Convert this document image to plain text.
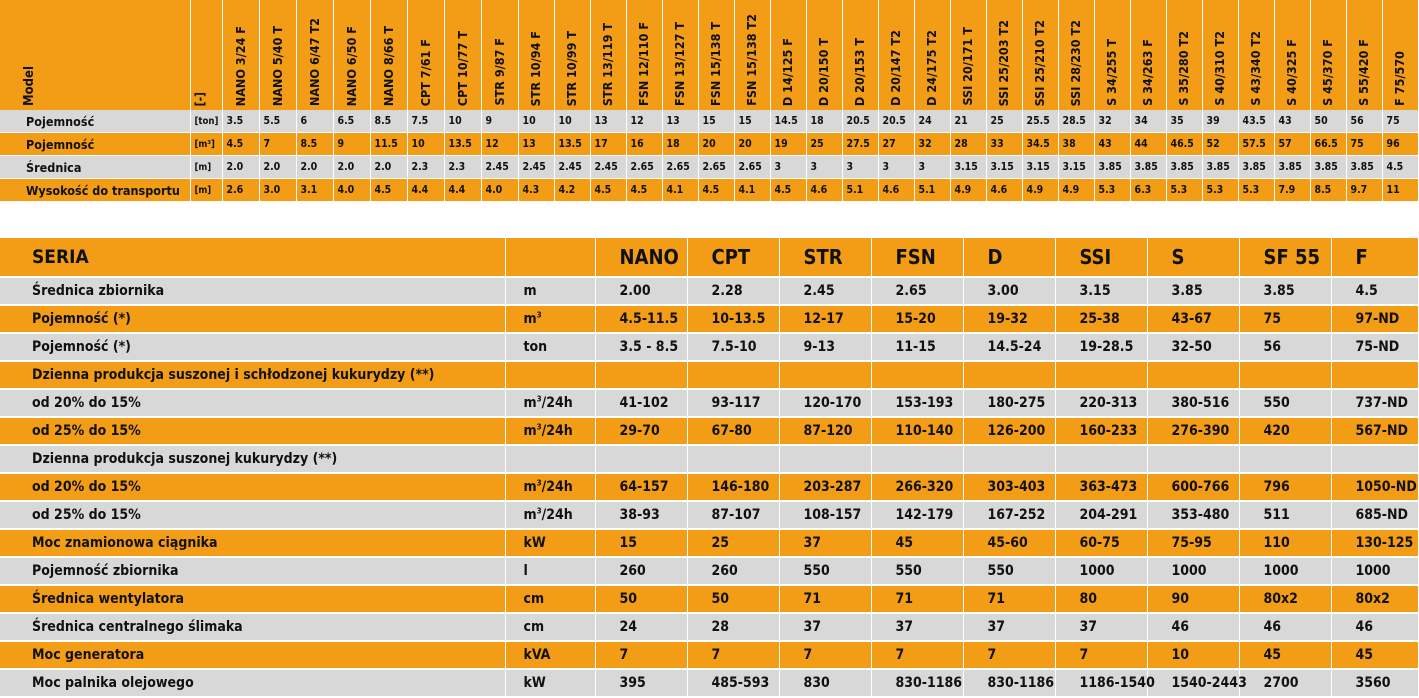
Model	[-]	NANO 3/24 F	NANO 5/40 T	NANO 6/47 T2	NANO 6/50 F	NANO 8/66 T	CPT 7/61 F	CPT 10/77 T	STR 9/87 F	STR 10/94 F	STR 10/99 T	STR 13/119 T	FSN 12/110 F	FSN 13/127 T	FSN 15/138 T	FSN 15/138 T2	D 14/125 F	D 20/150 T	D 20/153 T	D 20/147 T2	D 24/175 T2	SSI 20/171 T	SSI 25/203 T2	SSI 25/210 T2	SSI 28/230 T2	S 34/255 T	S 34/263 F	S 35/280 T2	S 40/310 T2	S 43/340 T2	S 40/325 F	S 45/370 F	S 55/420 F	F 75/570

Pojemność	[ton]	3.5	5.5	6	6.5	8.5	7.5	10	9	10	10	13	12	13	15	15	14.5	18	20.5	20.5	24	21	25	25.5	28.5	32	34	35	39	43.5	43	50	56	75
Pojemność	[m³]	4.5	7	8.5	9	11.5	10	13.5	12	13	13.5	17	16	18	20	20	19	25	27.5	27	32	28	33	34.5	38	43	44	46.5	52	57.5	57	66.5	75	96
Średnica	[m]	2.0	2.0	2.0	2.0	2.0	2.3	2.3	2.45	2.45	2.45	2.45	2.65	2.65	2.65	2.65	3	3	3	3	3	3.15	3.15	3.15	3.15	3.85	3.85	3.85	3.85	3.85	3.85	3.85	3.85	4.5
Wysokość do transportu	[m]	2.6	3.0	3.1	4.0	4.5	4.4	4.4	4.0	4.3	4.2	4.5	4.5	4.1	4.5	4.1	4.5	4.6	5.1	4.6	5.1	4.9	4.6	4.9	4.9	5.3	6.3	5.3	5.3	5.3	7.9	8.5	9.7	11
SERIA		NANO	CPT	STR	FSN	D	SSI	S	SF 55	F
Średnica zbiornika	m	2.00	2.28	2.45	2.65	3.00	3.15	3.85	3.85	4.5
Pojemność (*)	$m^3$	4.5-11.5	10-13.5	12-17	15-20	19-32	25-38	43-67	75	97-ND
Pojemność (*)	ton	3.5 - 8.5	7.5-10	9-13	11-15	14.5-24	19-28.5	32-50	56	75-ND
Dzienna produkcja suszonej i schłodzonej kukurydzy (**)										
od 20% do 15%	$m^3/24h$	41-102	93-117	120-170	153-193	180-275	220-313	380-516	550	737-ND
od 25% do 15%	$m^3/24h$	29-70	67-80	87-120	110-140	126-200	160-233	276-390	420	567-ND
Dzienna produkcja suszonej kukurydzy (**)										
od 20% do 15%	$m^3/24h$	64-157	146-180	203-287	266-320	303-403	363-473	600-766	796	1050-ND
od 25% do 15%	$m^3/24h$	38-93	87-107	108-157	142-179	167-252	204-291	353-480	511	685-ND
Moc znamionowa ciągnika	kW	15	25	37	45	45-60	60-75	75-95	110	130-125
Pojemność zbiornika	l	260	260	550	550	550	1000	1000	1000	1000
Średnica wentylatora	cm	50	50	71	71	71	80	90	80x2	80x2
Średnica centralnego ślimaka	cm	24	28	37	37	37	37	46	46	46
Moc generatora	kVA	7	7	7	7	7	7	10	45	45
Moc palnika olejowego	kW	395	485-593	830	830-1186	830-1186	1186-1540	1540-2443	2700	3560
